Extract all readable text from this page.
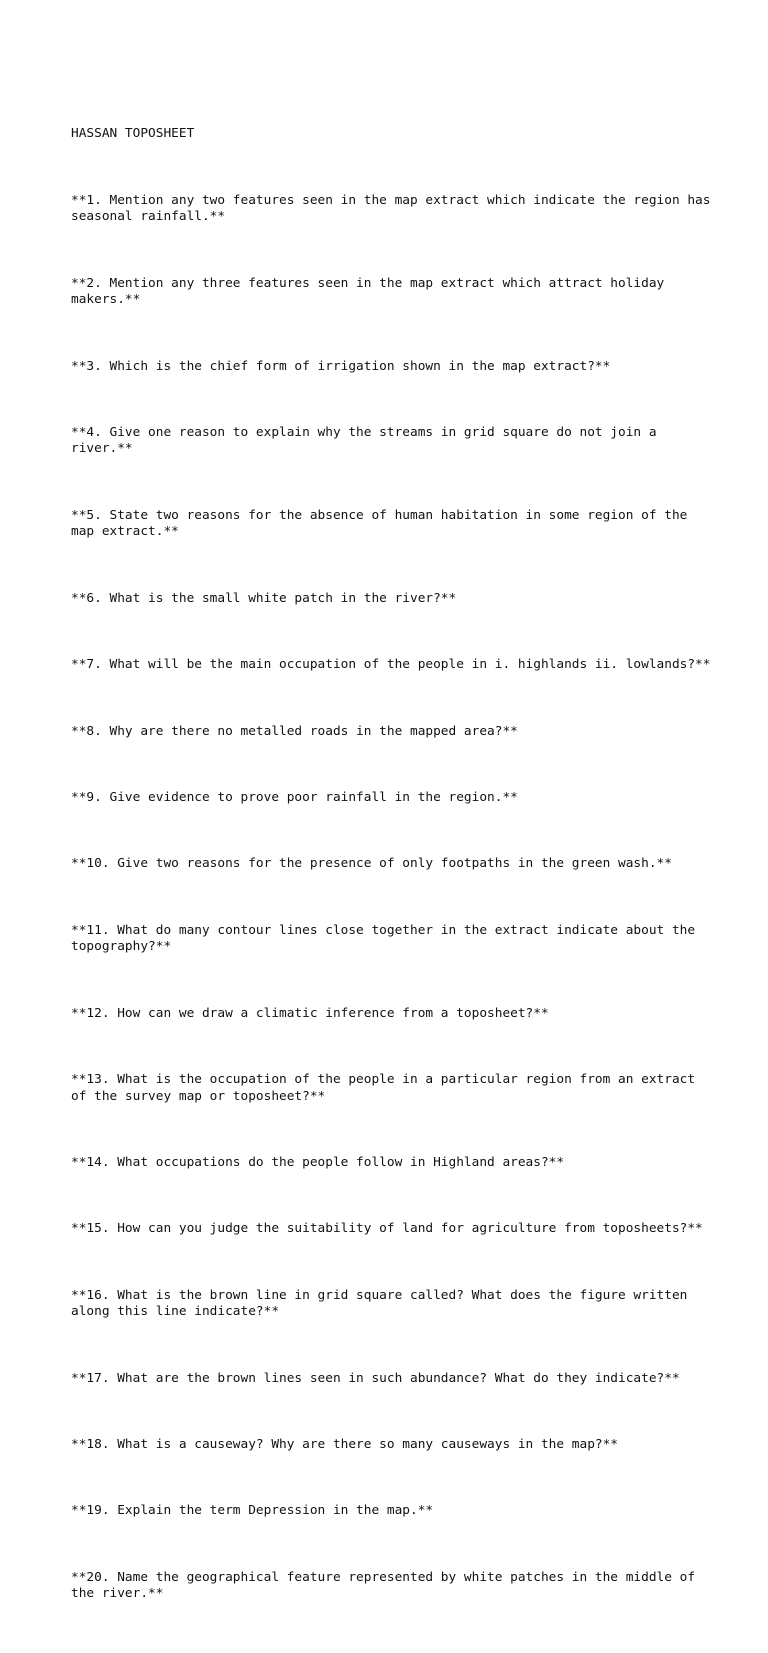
HASSAN TOPOSHEET

**1. Mention any two features seen in the map extract which indicate the region has seasonal rainfall.**

**2. Mention any three features seen in the map extract which attract holiday makers.**

**3. Which is the chief form of irrigation shown in the map extract?**

**4. Give one reason to explain why the streams in grid square do not join a river.**

**5. State two reasons for the absence of human habitation in some region of the map extract.**

**6. What is the small white patch in the river?**

**7. What will be the main occupation of the people in i. highlands ii. lowlands?**

**8. Why are there no metalled roads in the mapped area?**

**9. Give evidence to prove poor rainfall in the region.**

**10. Give two reasons for the presence of only footpaths in the green wash.**

**11. What do many contour lines close together in the extract indicate about the topography?**

**12. How can we draw a climatic inference from a toposheet?**

**13. What is the occupation of the people in a particular region from an extract of the survey map or toposheet?**

**14. What occupations do the people follow in Highland areas?**

**15. How can you judge the suitability of land for agriculture from toposheets?**

**16. What is the brown line in grid square called? What does the figure written along this line indicate?**

**17. What are the brown lines seen in such abundance? What do they indicate?**

**18. What is a causeway? Why are there so many causeways in the map?**

**19. Explain the term Depression in the map.**

**20. Name the geographical feature represented by white patches in the middle of the river.**
